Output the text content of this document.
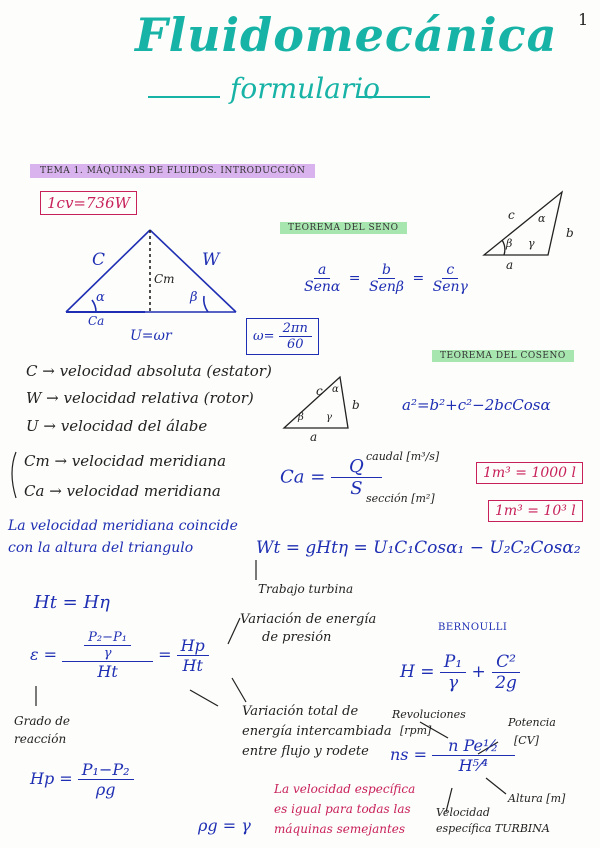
1
Fluidomecánica
formulario
TEMA 1. MÁQUINAS DE FLUIDOS. INTRODUCCIÓN
1cv=736W
C	W
α	β
Cm
Ca
U=ωr
TEOREMA DEL SENO
$\frac{a}{\text{Senα}} = \frac{b}{\text{Senβ}} = \frac{c}{\text{Senγ}}$
c α
b
β γ
a
$\omega= \frac{2\pi n}{60}$
TEOREMA DEL COSENO
a²=b²+c²−2bcCosα
c α
b
β γ
a
C → velocidad absoluta (estator)
W → velocidad relativa (rotor)
U → velocidad del álabe
Cm → velocidad meridiana
Ca → velocidad meridiana
La velocidad meridiana coincide
con la altura del triangulo
$Ca = \frac{Q}{S}$
caudal [m³/s]
sección [m²]
1m³ = 1000 l
1m³ = 10³ l
Wt = gHtη = U₁C₁Cosα₁ − U₂C₂Cosα₂
Trabajo turbina
Ht = Hη
$\varepsilon = \frac{\frac{\text{P₂−P₁}}{\gamma}}{Ht} = \frac{Hp}{Ht}$
Variación de energía
de presión
Variación total de
energía intercambiada
entre flujo y rodete
Grado de
reacción
$Hp = \frac{\text{P₁−P₂}}{\rho g}$
ρg = γ
BERNOULLI
$H = \frac{\text{P₁}}{\gamma} + \frac{\text{C²}}{2g}$
Revoluciones
[rpm]
Potencia
[CV]
ns = $\frac{\text{n Pe½}}{\text{H⁵⁄⁴}}$
Altura [m]
Velocidad
específica TURBINA
La velocidad específica
es igual para todas las
máquinas semejantes
